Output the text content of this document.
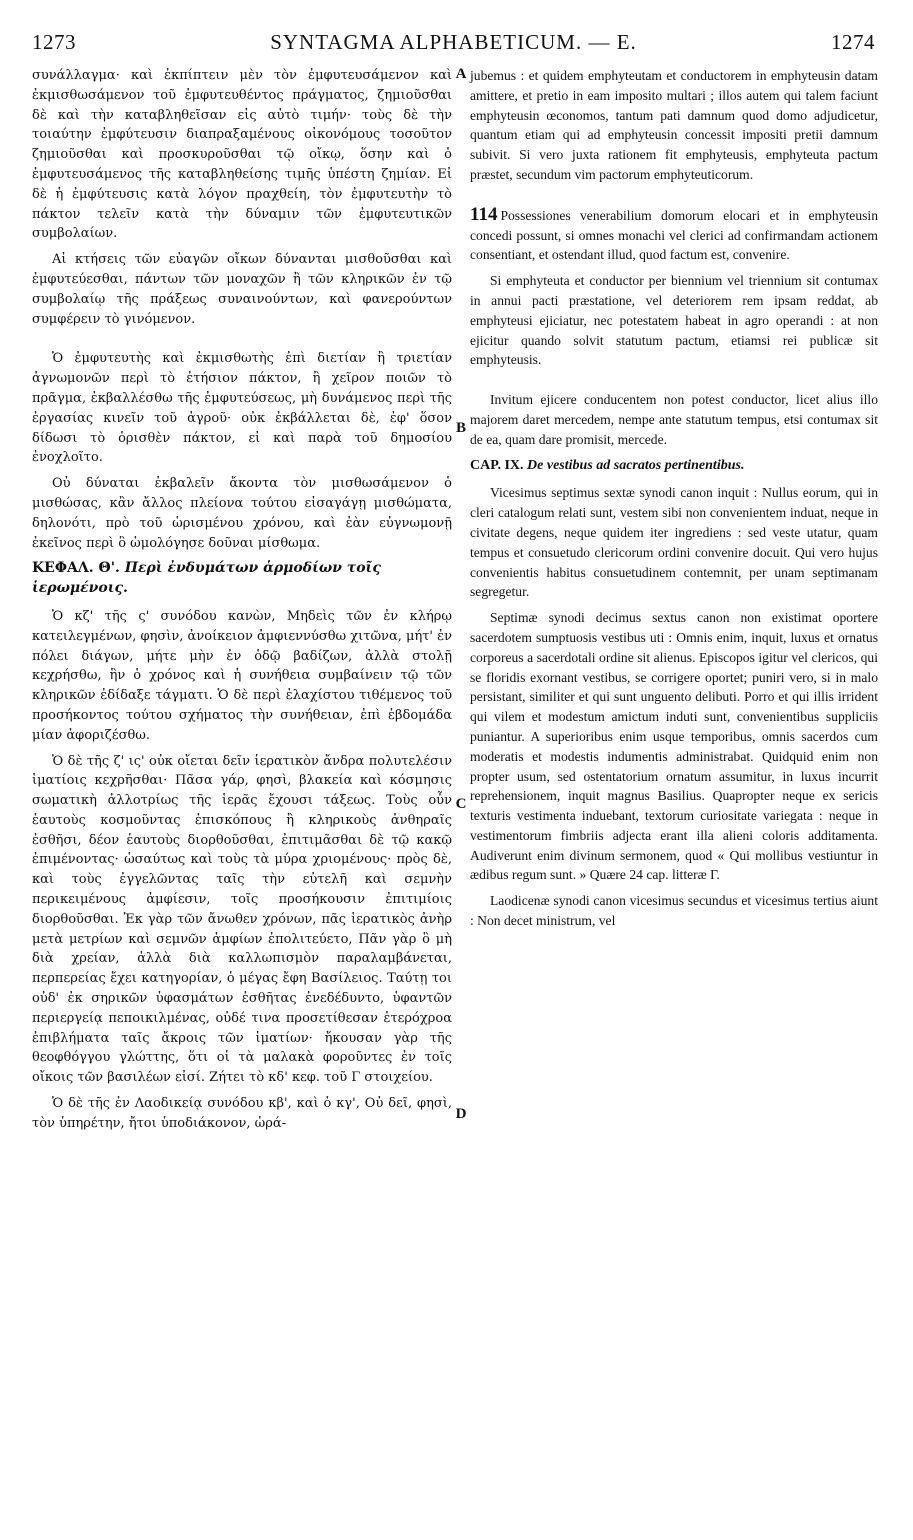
1273	SYNTAGMA ALPHABETICUM. — E.	1274
A
B
C
D

συνάλλαγμα· καὶ ἐκπίπτειν μὲν τὸν ἐμφυτευσάμενον καὶ ἐκμισθωσάμενον τοῦ ἐμφυτευθέντος πράγματος, ζημιοῦσθαι δὲ καὶ τὴν καταβληθεῖσαν εἰς αὐτὸ τιμήν· τοὺς δὲ τὴν τοιαύτην ἐμφύτευσιν διαπραξαμένους οἰκονόμους τοσοῦτον ζημιοῦσθαι καὶ προσκυροῦσθαι τῷ οἴκῳ, ὅσην καὶ ὁ ἐμφυτευσάμενος τῆς καταβληθείσης τιμῆς ὑπέστη ζημίαν. Εἰ δὲ ἡ ἐμφύτευσις κατὰ λόγον πραχθείη, τὸν ἐμφυτευτὴν τὸ πάκτον τελεῖν κατὰ τὴν δύναμιν τῶν ἐμφυτευτικῶν συμβολαίων.

Αἱ κτήσεις τῶν εὐαγῶν οἴκων δύνανται μισθοῦσθαι καὶ ἐμφυτεύεσθαι, πάντων τῶν μοναχῶν ἢ τῶν κληρικῶν ἐν τῷ συμβολαίῳ τῆς πράξεως συναινούντων, καὶ φανερούντων συμφέρειν τὸ γινόμενον.

Ὁ ἐμφυτευτὴς καὶ ἐκμισθωτὴς ἐπὶ διετίαν ἢ τριετίαν ἀγνωμονῶν περὶ τὸ ἐτήσιον πάκτον, ἢ χεῖρον ποιῶν τὸ πρᾶγμα, ἐκβαλλέσθω τῆς ἐμφυτεύσεως, μὴ δυνάμενος περὶ τῆς ἐργασίας κινεῖν τοῦ ἀγροῦ· οὐκ ἐκβάλλεται δὲ, ἐφ' ὅσον δίδωσι τὸ ὁρισθὲν πάκτον, εἰ καὶ παρὰ τοῦ δημοσίου ἐνοχλοῖτο.

Οὐ δύναται ἐκβαλεῖν ἄκοντα τὸν μισθωσάμενον ὁ μισθώσας, κἂν ἄλλος πλείονα τούτου εἰσαγάγῃ μισθώματα, δηλονότι, πρὸ τοῦ ὡρισμένου χρόνου, καὶ ἐὰν εὐγνωμονῇ ἐκεῖνος περὶ ὃ ὡμολόγησε δοῦναι μίσθωμα.

ΚΕΦΑΛ. Θ'. Περὶ ἐνδυμάτων ἁρμοδίων τοῖς ἱερωμένοις.

Ὁ κζ' τῆς ς' συνόδου κανὼν, Μηδεὶς τῶν ἐν κλήρῳ κατειλεγμένων, φησὶν, ἀνοίκειον ἀμφιεννύσθω χιτῶνα, μήτ' ἐν πόλει διάγων, μήτε μὴν ἐν ὁδῷ βαδίζων, ἀλλὰ στολῇ κεχρήσθω, ἣν ὁ χρόνος καὶ ἡ συνήθεια συμβαίνειν τῷ τῶν κληρικῶν ἐδίδαξε τάγματι. Ὁ δὲ περὶ ἐλαχίστου τιθέμενος τοῦ προσήκοντος τούτου σχήματος τὴν συνήθειαν, ἐπὶ ἑβδομάδα μίαν ἀφοριζέσθω.

Ὁ δὲ τῆς ζ' ις' οὐκ οἴεται δεῖν ἱερατικὸν ἄνδρα πολυτελέσιν ἱματίοις κεχρῆσθαι· Πᾶσα γάρ, φησὶ, βλακεία καὶ κόσμησις σωματικὴ ἀλλοτρίως τῆς ἱερᾶς ἔχουσι τάξεως. Τοὺς οὖν ἑαυτοὺς κοσμοῦντας ἐπισκόπους ἢ κληρικοὺς ἀνθηραῖς ἐσθῆσι, δέον ἑαυτοὺς διορθοῦσθαι, ἐπιτιμᾶσθαι δὲ τῷ κακῷ ἐπιμένοντας· ὡσαύτως καὶ τοὺς τὰ μύρα χριομένους· πρὸς δὲ, καὶ τοὺς ἐγγελῶντας ταῖς τὴν εὐτελῆ καὶ σεμνὴν περικειμένους ἀμφίεσιν, τοῖς προσήκουσιν ἐπιτιμίοις διορθοῦσθαι. Ἐκ γὰρ τῶν ἄνωθεν χρόνων, πᾶς ἱερατικὸς ἀνὴρ μετὰ μετρίων καὶ σεμνῶν ἀμφίων ἐπολιτεύετο, Πᾶν γὰρ ὃ μὴ διὰ χρείαν, ἀλλὰ διὰ καλλωπισμὸν παραλαμβάνεται, περπερείας ἔχει κατηγορίαν, ὁ μέγας ἔφη Βασίλειος. Ταύτῃ τοι οὐδ' ἐκ σηρικῶν ὑφασμάτων ἐσθῆτας ἐνεδέδυντο, ὑφαντῶν περιεργείᾳ πεποικιλμένας, οὐδέ τινα προσετίθεσαν ἑτερόχροα ἐπιβλήματα ταῖς ἄκροις τῶν ἱματίων· ἤκουσαν γὰρ τῆς θεοφθόγγου γλώττης, ὅτι οἱ τὰ μαλακὰ φοροῦντες ἐν τοῖς οἴκοις τῶν βασιλέων εἰσί. Ζήτει τὸ κδ' κεφ. τοῦ Γ στοιχείου.

Ὁ δὲ τῆς ἐν Λαοδικείᾳ συνόδου κβ', καὶ ὁ κγ', Οὐ δεῖ, φησὶ, τὸν ὑπηρέτην, ἤτοι ὑποδιάκονον, ὡρά-

jubemus : et quidem emphyteutam et conductorem in emphyteusin datam amittere, et pretio in eam imposito multari ; illos autem qui talem faciunt emphyteusin œconomos, tantum pati damnum quod domo adjudicetur, quantum etiam qui ad emphyteusin concessit impositi pretii damnum subivit. Si vero juxta rationem fit emphyteusis, emphyteuta pactum præstet, secundum vim pactorum emphyteuticorum.

114 Possessiones venerabilium domorum elocari et in emphyteusin concedi possunt, si omnes monachi vel clerici ad confirmandam actionem consentiant, et ostendant illud, quod factum est, convenire.

Si emphyteuta et conductor per biennium vel triennium sit contumax in annui pacti præstatione, vel deteriorem rem ipsam reddat, ab emphyteusi ejiciatur, nec potestatem habeat in agro operandi : at non ejicitur quando solvit statutum pactum, etiamsi rei publicæ sit emphyteusis.

Invitum ejicere conducentem non potest conductor, licet alius illo majorem daret mercedem, nempe ante statutum tempus, etsi contumax sit de ea, quam dare promisit, mercede.

CAP. IX. De vestibus ad sacratos pertinentibus.

Vicesimus septimus sextæ synodi canon inquit : Nullus eorum, qui in cleri catalogum relati sunt, vestem sibi non convenientem induat, neque in civitate degens, neque quidem iter ingrediens : sed veste utatur, quam tempus et consuetudo clericorum ordini convenire docuit. Qui vero hujus convenientis habitus consuetudinem contemnit, per unam septimanam segregetur.

Septimæ synodi decimus sextus canon non existimat oportere sacerdotem sumptuosis vestibus uti : Omnis enim, inquit, luxus et ornatus corporeus a sacerdotali ordine sit alienus. Episcopos igitur vel clericos, qui se floridis exornant vestibus, se corrigere oportet; puniri vero, si in malo persistant, similiter et qui sunt unguento delibuti. Porro et qui illis irrident qui vilem et modestum amictum induti sunt, convenientibus suppliciis puniantur. A superioribus enim usque temporibus, omnis sacerdos cum moderatis et modestis indumentis administrabat. Quidquid enim non propter usum, sed ostentatorium ornatum assumitur, in luxus incurrit reprehensionem, inquit magnus Basilius. Quapropter neque ex sericis texturis vestimenta induebant, textorum curiositate variegata : neque in vestimentorum fimbriis adjecta erant illa alieni coloris additamenta. Audiverunt enim divinum sermonem, quod « Qui mollibus vestiuntur in ædibus regum sunt. » Quære 24 cap. litteræ Γ.

Laodicenæ synodi canon vicesimus secundus et vicesimus tertius aiunt : Non decet ministrum, vel
